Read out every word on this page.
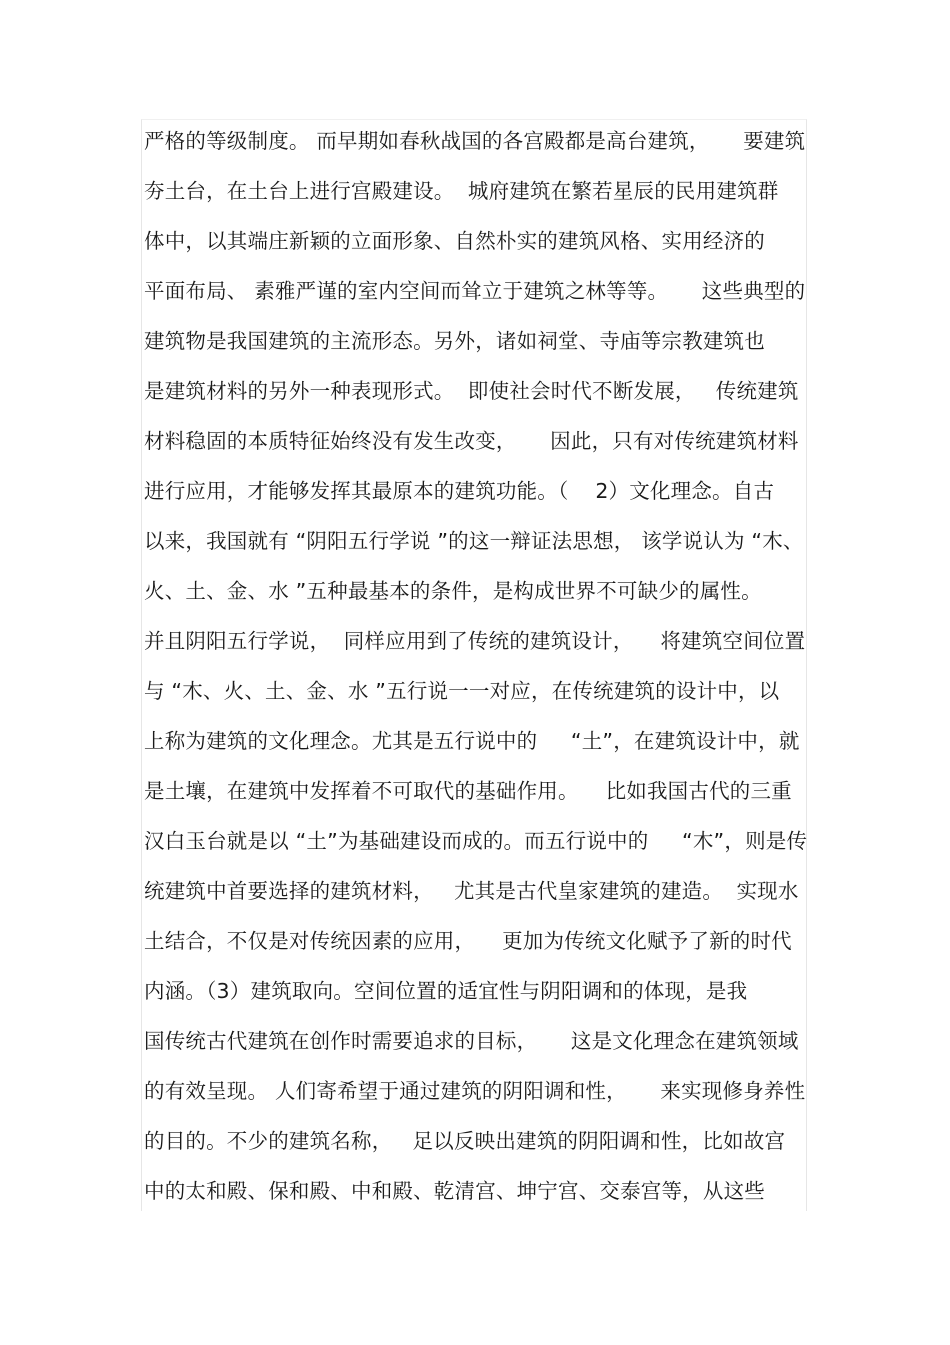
严格的等级制度。 而早期如春秋战国的各宫殿都是高台建筑，     要建筑
夯土台，在土台上进行宫殿建设。  城府建筑在繁若星辰的民用建筑群
体中，以其端庄新颖的立面形象、自然朴实的建筑风格、实用经济的
平面布局、 素雅严谨的室内空间而耸立于建筑之林等等。     这些典型的
建筑物是我国建筑的主流形态。另外，诸如祠堂、寺庙等宗教建筑也
是建筑材料的另外一种表现形式。  即使社会时代不断发展，   传统建筑
材料稳固的本质特征始终没有发生改变，     因此，只有对传统建筑材料
进行应用，才能够发挥其最原本的建筑功能。（    2）文化理念。自古
以来，我国就有 “阴阳五行学说 ”的这一辩证法思想， 该学说认为 “木、
火、土、金、水 ”五种最基本的条件，是构成世界不可缺少的属性。
并且阴阳五行学说，  同样应用到了传统的建筑设计，    将建筑空间位置
与 “木、火、土、金、水 ”五行说一一对应，在传统建筑的设计中，以
上称为建筑的文化理念。尤其是五行说中的     “土”，在建筑设计中，就
是土壤，在建筑中发挥着不可取代的基础作用。    比如我国古代的三重
汉白玉台就是以 “土”为基础建设而成的。而五行说中的     “木”，则是传
统建筑中首要选择的建筑材料，   尤其是古代皇家建筑的建造。  实现水
土结合，不仅是对传统因素的应用，    更加为传统文化赋予了新的时代
内涵。（3）建筑取向。空间位置的适宜性与阴阳调和的体现，是我
国传统古代建筑在创作时需要追求的目标，     这是文化理念在建筑领域
的有效呈现。 人们寄希望于通过建筑的阴阳调和性，     来实现修身养性
的目的。不少的建筑名称，   足以反映出建筑的阴阳调和性，比如故宫
中的太和殿、保和殿、中和殿、乾清宫、坤宁宫、交泰宫等，从这些
